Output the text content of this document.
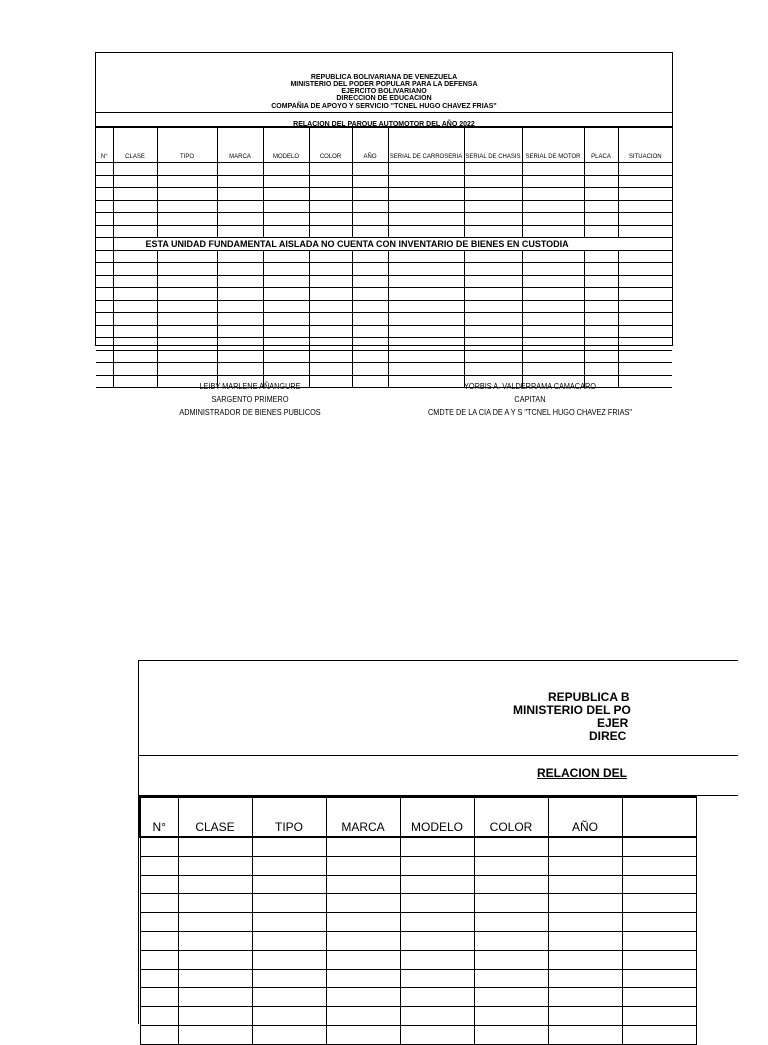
REPUBLICA BOLIVARIANA DE VENEZUELA
MINISTERIO DEL PODER POPULAR PARA LA DEFENSA
EJERCITO BOLIVARIANO
DIRECCION DE EDUCACION
COMPAÑIA DE APOYO Y SERVICIO "TCNEL HUGO CHAVEZ FRIAS"
RELACION DEL PARQUE AUTOMOTOR DEL AÑO 2022
N°	CLASE	TIPO	MARCA	MODELO	COLOR	AÑO	SERIAL DE CARROSERIA	SERIAL DE CHASIS	SERIAL DE MOTOR	PLACA	SITUACION

	ESTA UNIDAD FUNDAMENTAL AISLADA NO CUENTA CON INVENTARIO DE BIENES EN CUSTODIA										

LEIBY MARLENE AÑANGURE
SARGENTO PRIMERO
ADMINISTRADOR DE BIENES PUBLICOS
YORBIS A. VALDERRAMA CAMACARO
CAPITAN
CMDTE DE LA CIA DE A Y S "TCNEL HUGO CHAVEZ FRIAS"
REPUBLICA B
MINISTERIO DEL PO
EJER
DIREC
RELACION DEL
N°	CLASE	TIPO	MARCA	MODELO	COLOR	AÑO	
